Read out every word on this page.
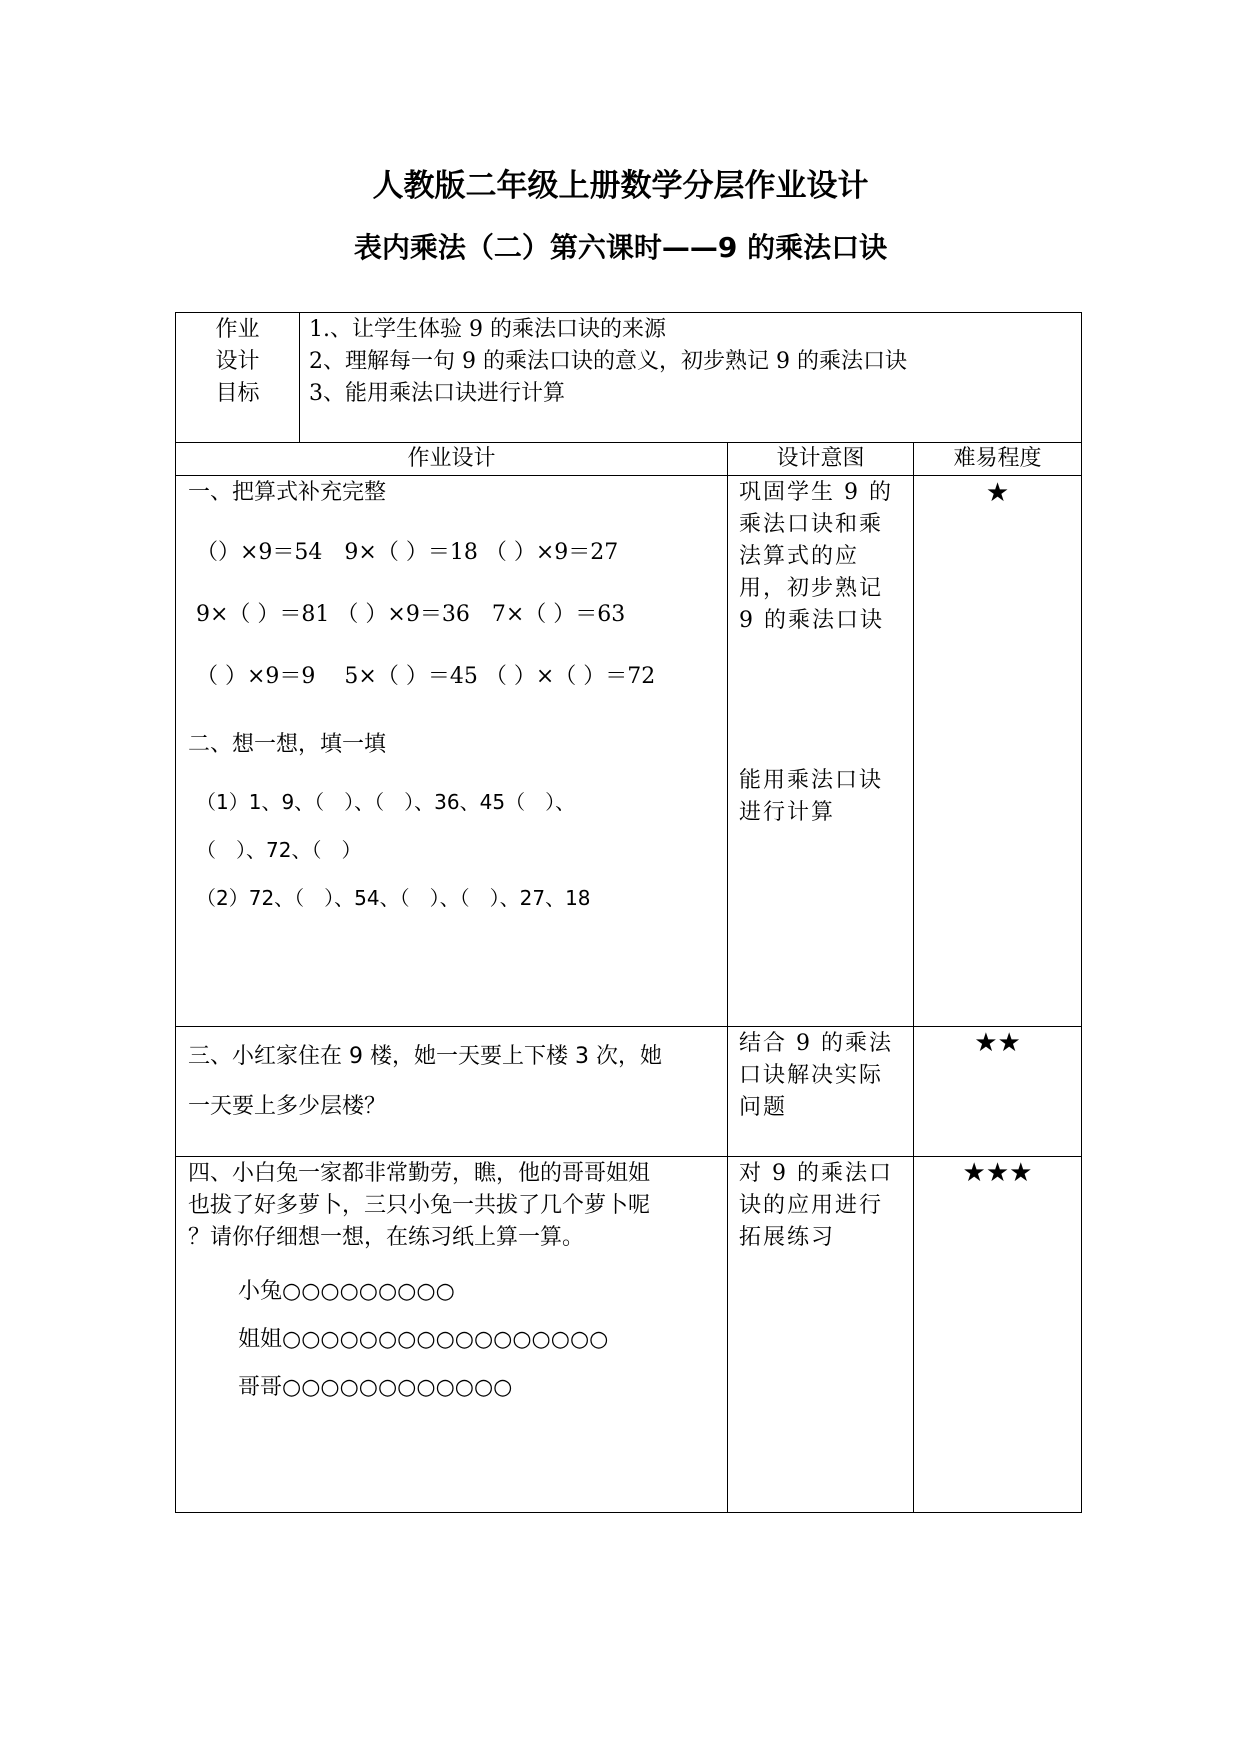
人教版二年级上册数学分层作业设计
表内乘法（二）第六课时——9 的乘法口诀
作业
设计
目标
1.、让学生体验 9 的乘法口诀的来源
2、理解每一句 9 的乘法口诀的意义，初步熟记 9 的乘法口诀
3、能用乘法口诀进行计算
作业设计	设计意图	难易程度
一、把算式补充完整

（）×9＝54　9×（ ）＝18 （ ）×9＝27

9×（ ）＝81 （ ）×9＝36　7×（ ）＝63

（ ）×9＝9　 5×（ ）＝45 （ ）×（ ）＝72

巩固学生 9 的乘法口诀和乘法算式的应用，初步熟记 9 的乘法口诀
★
二、想一想，填一填

（1）1、9、（　）、（　）、36、45（　）、

（　）、72、（　）

（2）72、（　）、54、（　）、（　）、27、18

能用乘法口诀进行计算

三、小红家住在 9 楼，她一天要上下楼 3 次，她

一天要上多少层楼？

结合 9 的乘法口诀解决实际问题
★★

四、小白兔一家都非常勤劳，瞧，他的哥哥姐姐

也拔了好多萝卜，三只小兔一共拔了几个萝卜呢

？请你仔细想一想，在练习纸上算一算。

小兔○○○○○○○○○

姐姐○○○○○○○○○○○○○○○○○

哥哥○○○○○○○○○○○○

对 9 的乘法口诀的应用进行拓展练习
★★★
